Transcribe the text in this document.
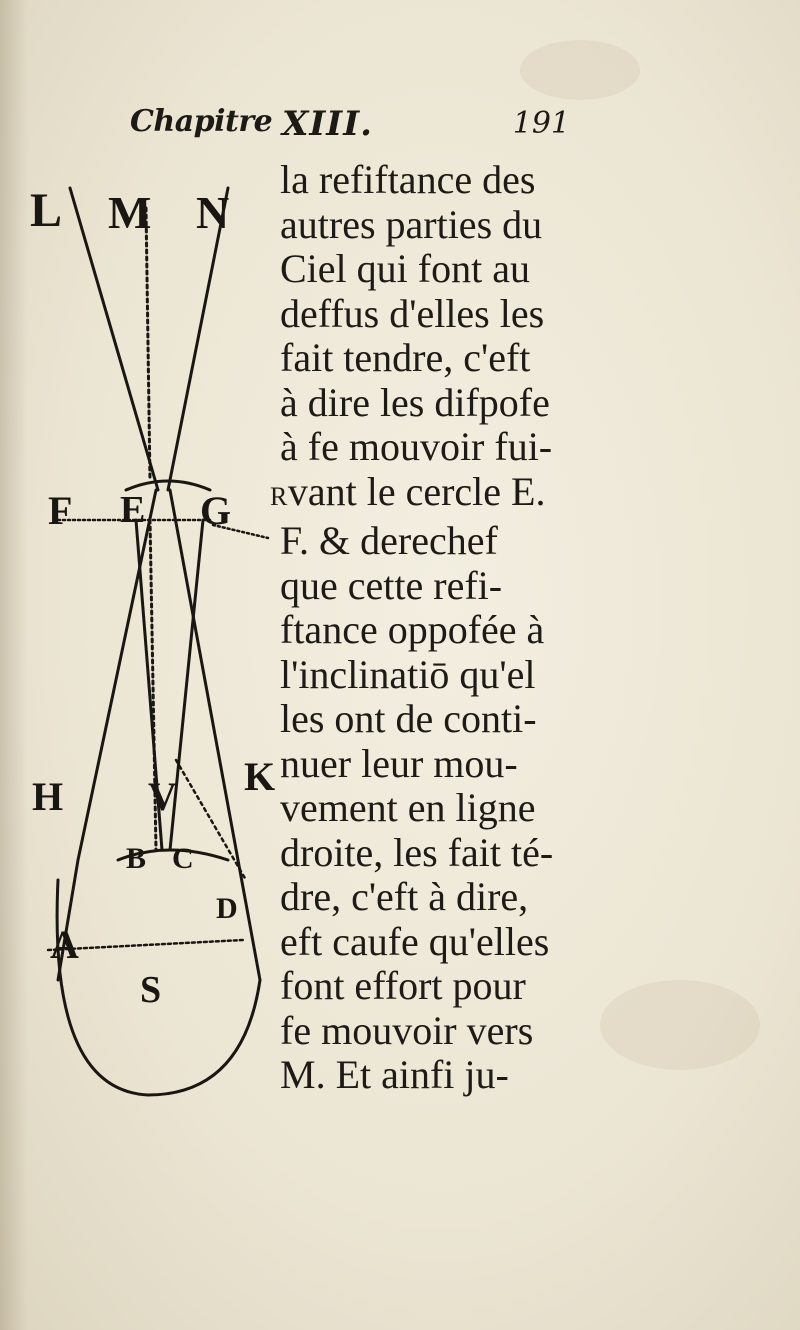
Chapitre XIII.	191
L M N
F E G
H V K
B C
D
A
S
la refiftance des
autres parties du
Ciel qui font au
deffus d'elles les
fait tendre, c'eft
à dire les difpofe
à fe mouvoir fui-
Rvant le cercle E.
F. & derechef
que cette refi-
ftance oppofée à
l'inclinatiō qu'el
les ont de conti-
nuer leur mou-
vement en ligne
droite, les fait té-
dre, c'eft à dire,
eft caufe qu'elles
font effort pour
fe mouvoir vers
M. Et ainfi ju-
